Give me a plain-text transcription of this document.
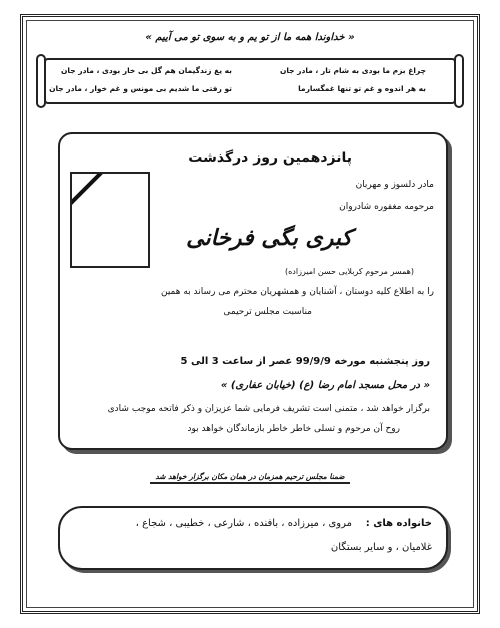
« خداوندا همه ما از تو یم و به سوی تو می آییم »
چراغ بزم ما بودی به شام تار ، مادر جان
به یغ زندگیمان هم گل بی خار بودی ، مادر جان
به هر اندوه و غم تو تنها غمگسارما
تو رفتی ما شدیم بی مونس و غم خوار ، مادر جان
پانزدهمین روز درگذشت
مادر دلسوز و مهربان
مرحومه مغفوره شادروان
کبری بگی فرخانی
(همسر مرحوم کربلایی حسن امیرزاده)
را به اطلاع کلیه دوستان ، آشنایان و همشهریان محترم می رساند به همین
مناسبت مجلس ترحیمی
روز پنجشنبه مورخه 99/9/9 عصر از ساعت 3 الی 5
« در محل مسجد امام رضا (ع) (خیابان عفاری) »
برگزار خواهد شد ، متمنی است تشریف فرمایی شما عزیزان و ذکر فاتحه موجب شادی
روح آن مرحوم و تسلی خاطر خاطر بازماندگان خواهد بود
ضمنا مجلس ترحیم همزمان در همان مکان برگزار خواهد شد
خانواده های :
مروی ، میرزاده ، بافنده ، شارعی ، خطیبی ، شجاع ،
غلامیان ، و سایر بستگان
